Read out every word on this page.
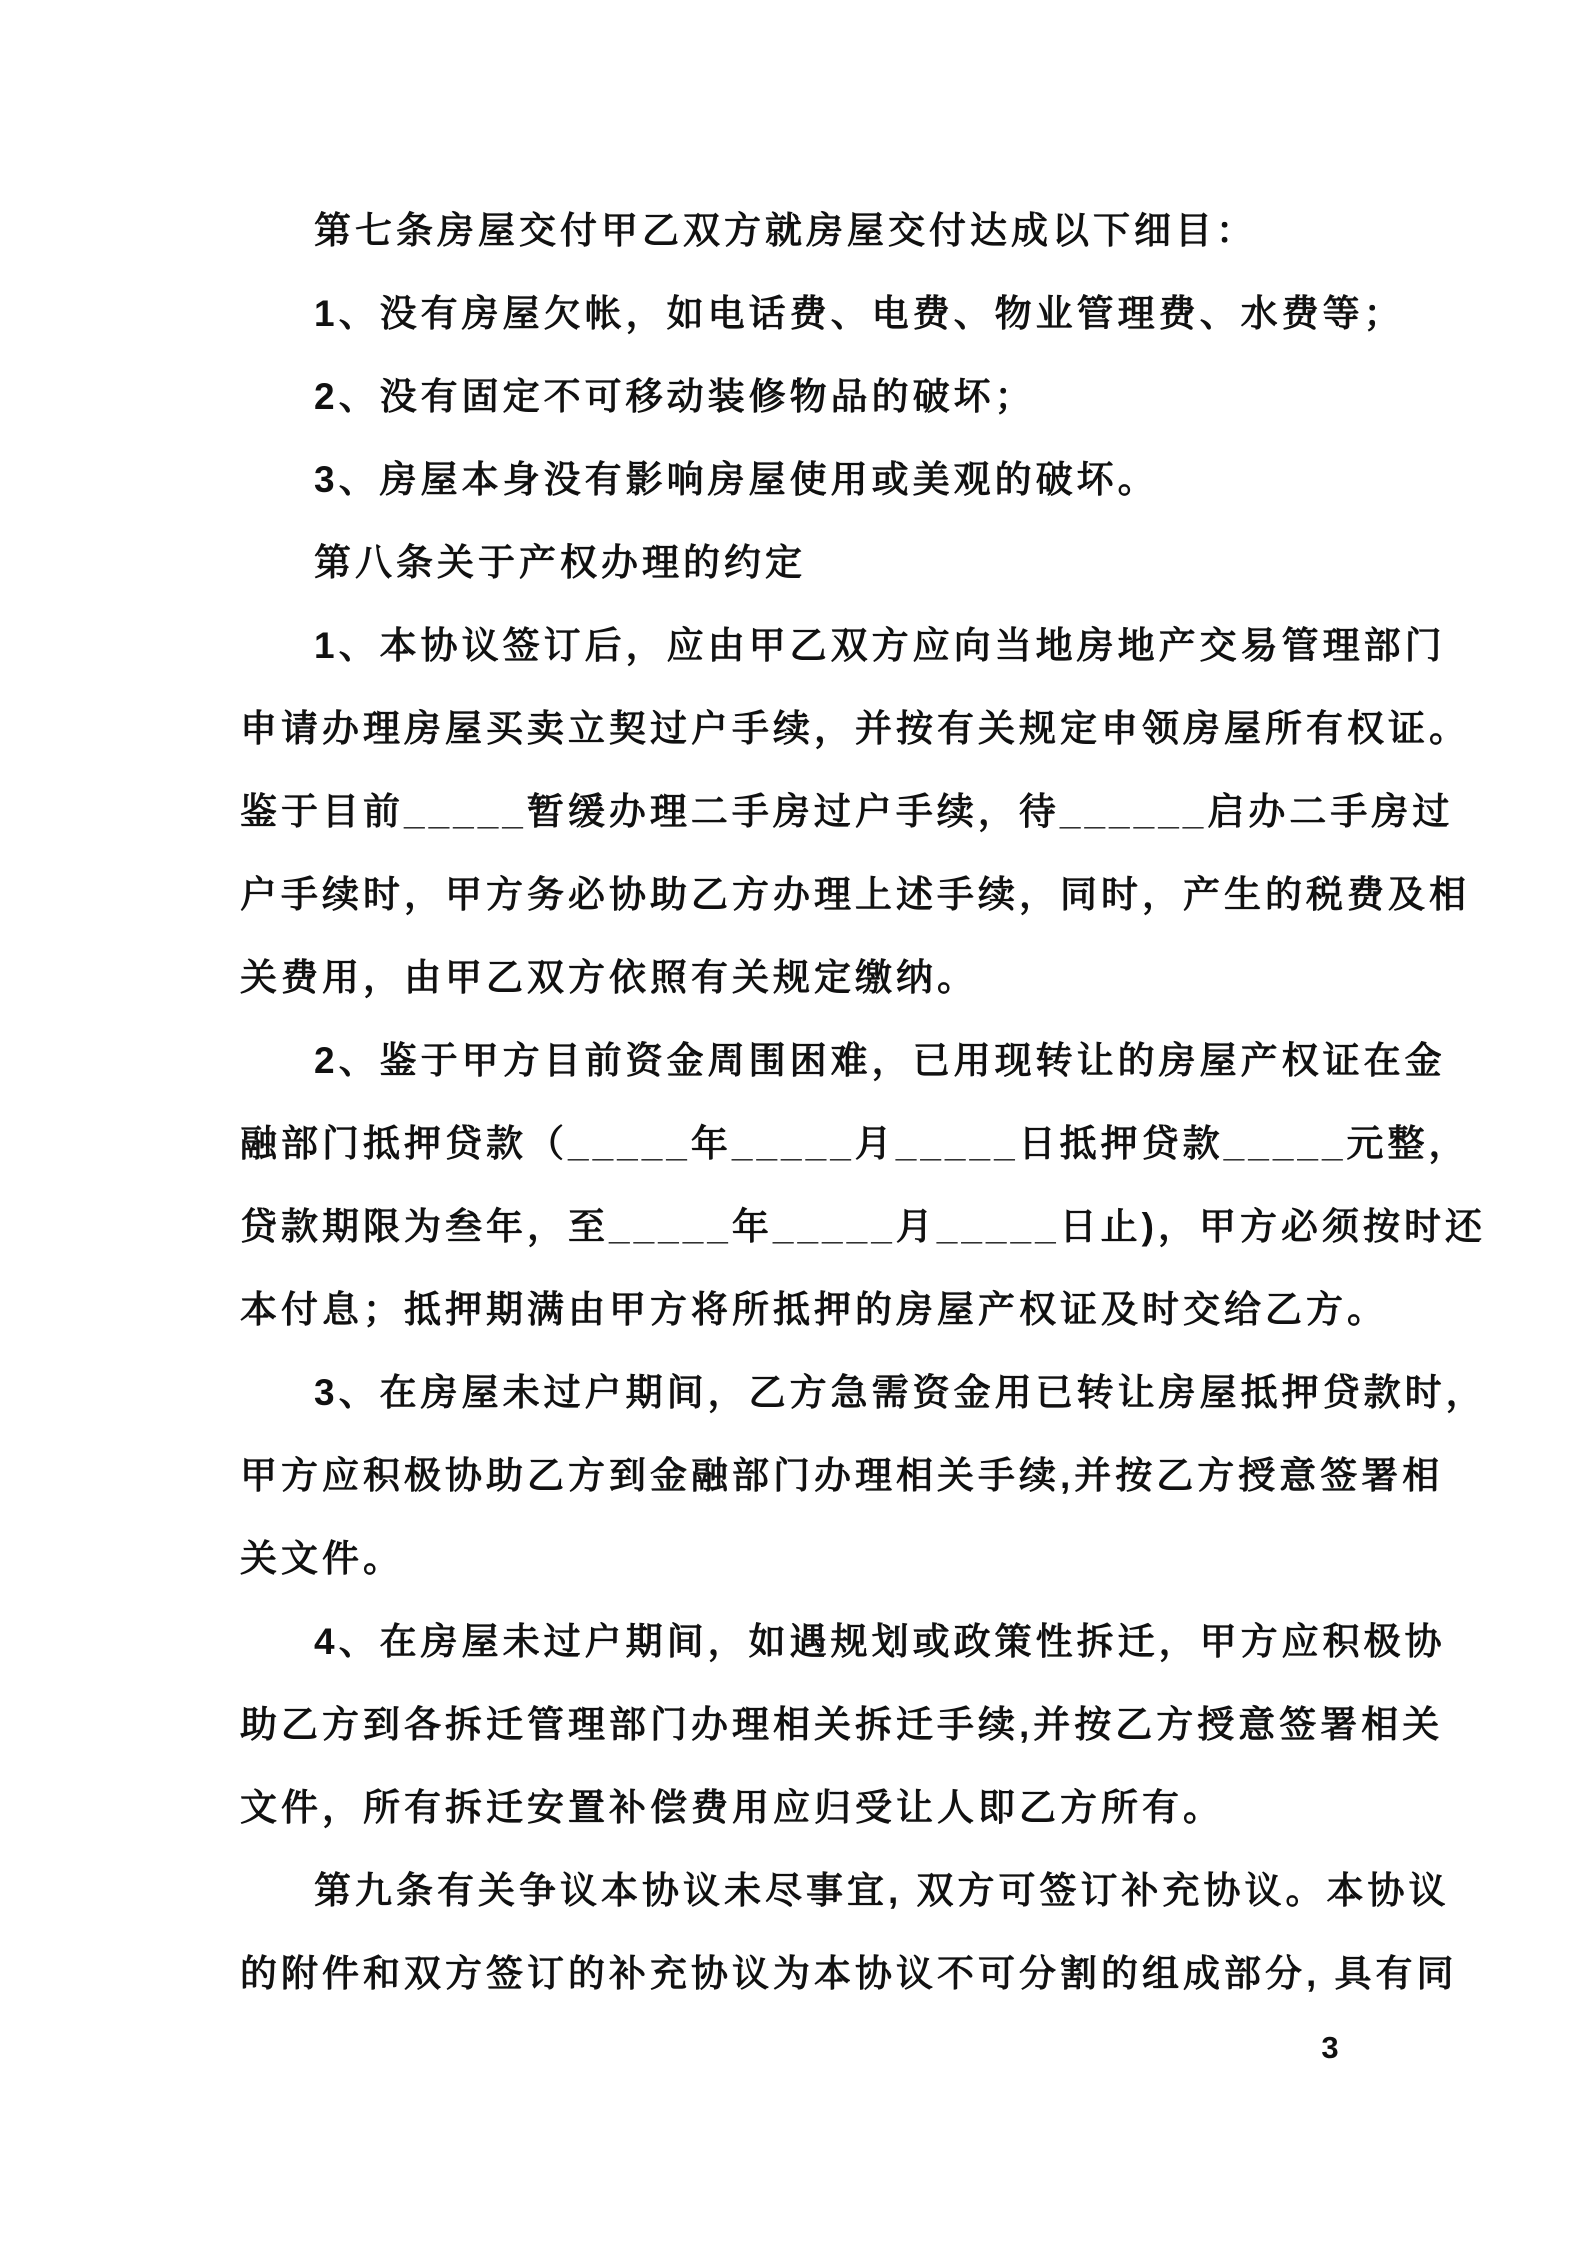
第七条房屋交付甲乙双方就房屋交付达成以下细目：
1、没有房屋欠帐，如电话费、电费、物业管理费、水费等；
2、没有固定不可移动装修物品的破坏；
3、房屋本身没有影响房屋使用或美观的破坏。
第八条关于产权办理的约定
1、本协议签订后，应由甲乙双方应向当地房地产交易管理部门
申请办理房屋买卖立契过户手续，并按有关规定申领房屋所有权证。
鉴于目前_____暂缓办理二手房过户手续，待______启办二手房过
户手续时，甲方务必协助乙方办理上述手续，同时，产生的税费及相
关费用，由甲乙双方依照有关规定缴纳。
2、鉴于甲方目前资金周围困难，已用现转让的房屋产权证在金
融部门抵押贷款（_____年_____月_____日抵押贷款_____元整，
贷款期限为叁年，至_____年_____月_____日止)，甲方必须按时还
本付息；抵押期满由甲方将所抵押的房屋产权证及时交给乙方。
3、在房屋未过户期间，乙方急需资金用已转让房屋抵押贷款时，
甲方应积极协助乙方到金融部门办理相关手续,并按乙方授意签署相
关文件。
4、在房屋未过户期间，如遇规划或政策性拆迁，甲方应积极协
助乙方到各拆迁管理部门办理相关拆迁手续,并按乙方授意签署相关
文件，所有拆迁安置补偿费用应归受让人即乙方所有。
第九条有关争议本协议未尽事宜, 双方可签订补充协议。本协议
的附件和双方签订的补充协议为本协议不可分割的组成部分, 具有同
3
